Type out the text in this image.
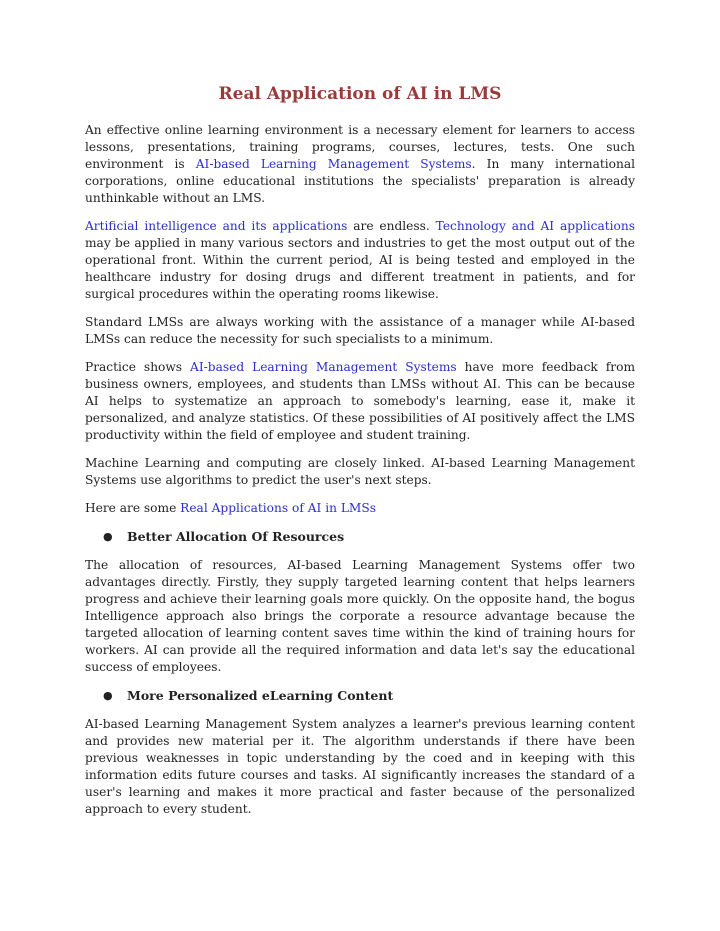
Real Application of AI in LMS

An effective online learning environment is a necessary element for learners to access lessons, presentations, training programs, courses, lectures, tests. One such environment is AI-based Learning Management Systems. In many international corporations, online educational institutions the specialists' preparation is already unthinkable without an LMS.

Artificial intelligence and its applications are endless. Technology and AI applications may be applied in many various sectors and industries to get the most output out of the operational front. Within the current period, AI is being tested and employed in the healthcare industry for dosing drugs and different treatment in patients, and for surgical procedures within the operating rooms likewise.

Standard LMSs are always working with the assistance of a manager while AI-based LMSs can reduce the necessity for such specialists to a minimum.

Practice shows AI-based Learning Management Systems have more feedback from business owners, employees, and students than LMSs without AI. This can be because AI helps to systematize an approach to somebody's learning, ease it, make it personalized, and analyze statistics. Of these possibilities of AI positively affect the LMS productivity within the field of employee and student training.

Machine Learning and computing are closely linked. AI-based Learning Management Systems use algorithms to predict the user's next steps.

Here are some Real Applications of AI in LMSs

●	Better Allocation Of Resources

The allocation of resources, AI-based Learning Management Systems offer two advantages directly. Firstly, they supply targeted learning content that helps learners progress and achieve their learning goals more quickly. On the opposite hand, the bogus Intelligence approach also brings the corporate a resource advantage because the targeted allocation of learning content saves time within the kind of training hours for workers. AI can provide all the required information and data let's say the educational success of employees.

●	More Personalized eLearning Content

AI-based Learning Management System analyzes a learner's previous learning content and provides new material per it. The algorithm understands if there have been previous weaknesses in topic understanding by the coed and in keeping with this information edits future courses and tasks. AI significantly increases the standard of a user's learning and makes it more practical and faster because of the personalized approach to every student.
